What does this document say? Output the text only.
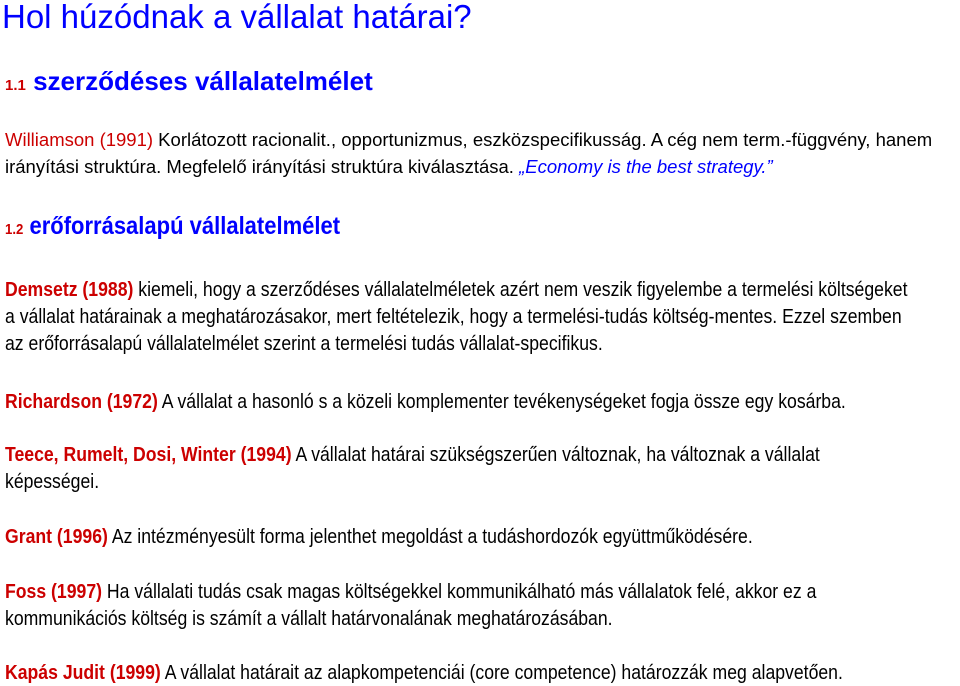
Hol húzódnak a vállalat határai?
1.1 szerződéses vállalatelmélet

Williamson (1991) Korlátozott racionalit., opportunizmus, eszközspecifikusság. A cég nem term.-függvény, hanem
irányítási struktúra. Megfelelő irányítási struktúra kiválasztása. „Economy is the best strategy.”

1.2 erőforrásalapú vállalatelmélet

Demsetz (1988) kiemeli, hogy a szerződéses vállalatelméletek azért nem veszik figyelembe a termelési költségeket
a vállalat határainak a meghatározásakor, mert feltételezik, hogy a termelési-tudás költség-mentes. Ezzel szemben
az erőforrásalapú vállalatelmélet szerint a termelési tudás vállalat-specifikus.

Richardson (1972) A vállalat a hasonló s a közeli komplementer tevékenységeket fogja össze egy kosárba.

Teece, Rumelt, Dosi, Winter (1994) A vállalat határai szükségszerűen változnak, ha változnak a vállalat
képességei.

Grant (1996) Az intézményesült forma jelenthet megoldást a tudáshordozók együttműködésére.

Foss (1997) Ha vállalati tudás csak magas költségekkel kommunikálható más vállalatok felé, akkor ez a
kommunikációs költség is számít a vállalt határvonalának meghatározásában.

Kapás Judit (1999) A vállalat határait az alapkompetenciái (core competence) határozzák meg alapvetően.
